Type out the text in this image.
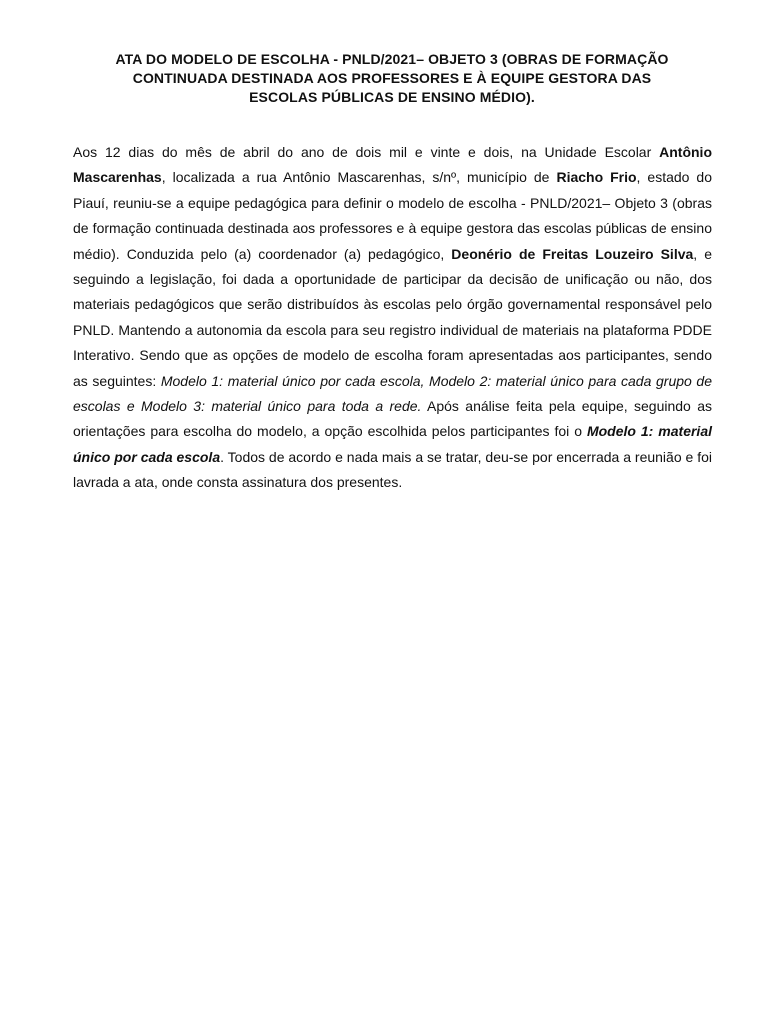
ATA DO MODELO DE ESCOLHA - PNLD/2021– OBJETO 3 (OBRAS DE FORMAÇÃO
CONTINUADA DESTINADA AOS PROFESSORES E À EQUIPE GESTORA DAS
ESCOLAS PÚBLICAS DE ENSINO MÉDIO).

Aos 12 dias do mês de abril do ano de dois mil e vinte e dois, na Unidade Escolar Antônio Mascarenhas, localizada a rua Antônio Mascarenhas, s/nº, município de Riacho Frio, estado do Piauí, reuniu-se a equipe pedagógica para definir o modelo de escolha - PNLD/2021– Objeto 3 (obras de formação continuada destinada aos professores e à equipe gestora das escolas públicas de ensino médio). Conduzida pelo (a) coordenador (a) pedagógico, Deonério de Freitas Louzeiro Silva, e seguindo a legislação, foi dada a oportunidade de participar da decisão de unificação ou não, dos materiais pedagógicos que serão distribuídos às escolas pelo órgão governamental responsável pelo PNLD. Mantendo a autonomia da escola para seu registro individual de materiais na plataforma PDDE Interativo. Sendo que as opções de modelo de escolha foram apresentadas aos participantes, sendo as seguintes: Modelo 1: material único por cada escola, Modelo 2: material único para cada grupo de escolas e Modelo 3: material único para toda a rede. Após análise feita pela equipe, seguindo as orientações para escolha do modelo, a opção escolhida pelos participantes foi o Modelo 1: material único por cada escola. Todos de acordo e nada mais a se tratar, deu-se por encerrada a reunião e foi lavrada a ata, onde consta assinatura dos presentes.
